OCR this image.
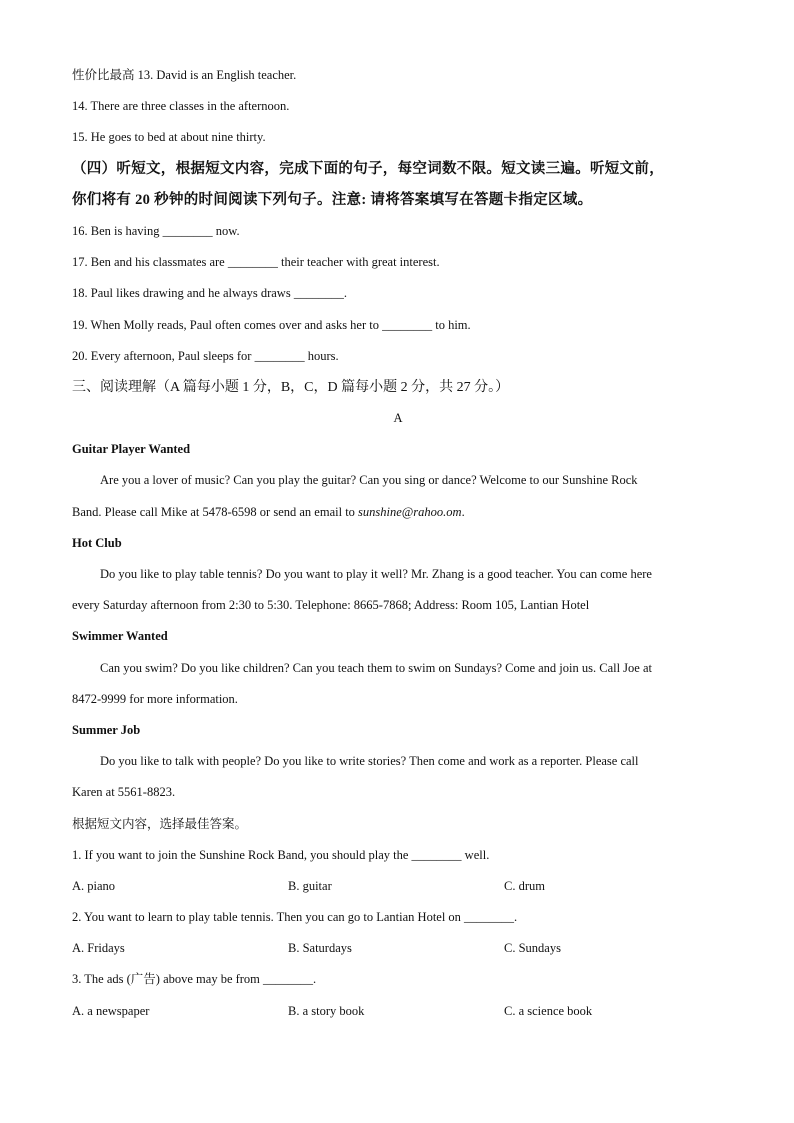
性价比最高 13. David is an English teacher.
14. There are three classes in the afternoon.
15. He goes to bed at about nine thirty.
（四）听短文，根据短文内容，完成下面的句子，每空词数不限。短文读三遍。听短文前，
你们将有 20 秒钟的时间阅读下列句子。注意: 请将答案填写在答题卡指定区域。
16. Ben is having ________ now.
17. Ben and his classmates are ________ their teacher with great interest.
18. Paul likes drawing and he always draws ________.
19. When Molly reads, Paul often comes over and asks her to ________ to him.
20. Every afternoon, Paul sleeps for ________ hours.
三、阅读理解（A 篇每小题 1 分，B，C，D 篇每小题 2 分，共 27 分。）
A
Guitar Player Wanted
Are you a lover of music? Can you play the guitar? Can you sing or dance? Welcome to our Sunshine Rock
Band. Please call Mike at 5478-6598 or send an email to sunshine@rahoo.om.
Hot Club
Do you like to play table tennis? Do you want to play it well? Mr. Zhang is a good teacher. You can come here
every Saturday afternoon from 2:30 to 5:30. Telephone: 8665-7868; Address: Room 105, Lantian Hotel
Swimmer Wanted
Can you swim? Do you like children? Can you teach them to swim on Sundays? Come and join us. Call Joe at
8472-9999 for more information.
Summer Job
Do you like to talk with people? Do you like to write stories? Then come and work as a reporter. Please call
Karen at 5561-8823.
根据短文内容，选择最佳答案。
1. If you want to join the Sunshine Rock Band, you should play the ________ well.
A. piano	B. guitar	C. drum
2. You want to learn to play table tennis. Then you can go to Lantian Hotel on ________.
A. Fridays	B. Saturdays	C. Sundays
3. The ads (广告) above may be from ________.
A. a newspaper	B. a story book	C. a science book
